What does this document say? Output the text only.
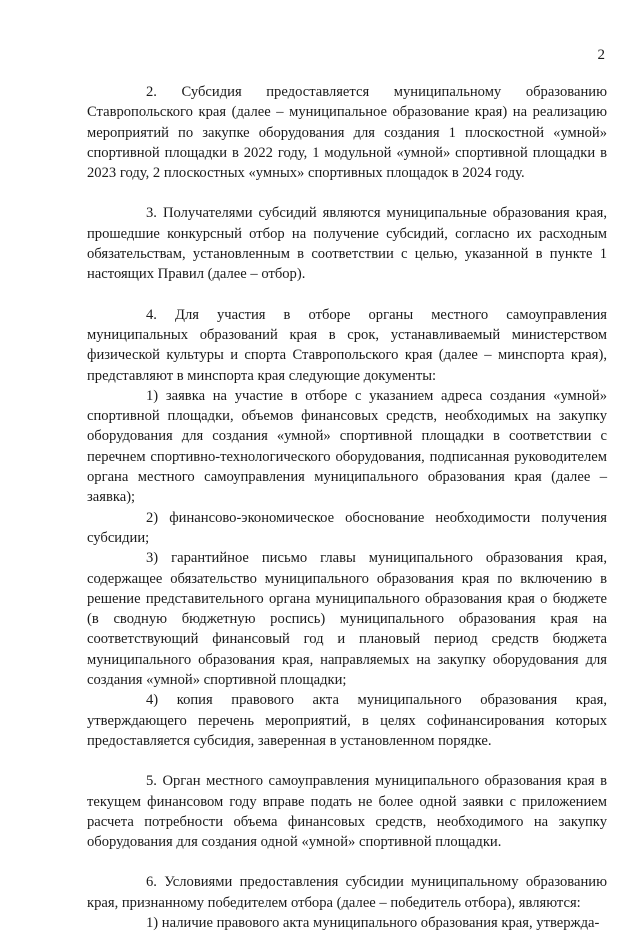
2

2. Субсидия предоставляется муниципальному образованию Ставропольского края (далее – муниципальное образование края) на реализацию мероприятий по закупке оборудования для создания 1 плоскостной «умной» спортивной площадки в 2022 году, 1 модульной «умной» спортивной площадки в 2023 году, 2 плоскостных «умных» спортивных площадок в 2024 году.

3. Получателями субсидий являются муниципальные образования края, прошедшие конкурсный отбор на получение субсидий, согласно их расходным обязательствам, установленным в соответствии с целью, указанной в пункте 1 настоящих Правил (далее – отбор).

4. Для участия в отборе органы местного самоуправления муниципальных образований края в срок, устанавливаемый министерством физической культуры и спорта Ставропольского края (далее – минспорта края), представляют в минспорта края следующие документы:

1) заявка на участие в отборе с указанием адреса создания «умной» спортивной площадки, объемов финансовых средств, необходимых на закупку оборудования для создания «умной» спортивной площадки в соответствии с перечнем спортивно-технологического оборудования, подписанная руководителем органа местного самоуправления муниципального образования края (далее – заявка);

2) финансово-экономическое обоснование необходимости получения субсидии;

3) гарантийное письмо главы муниципального образования края, содержащее обязательство муниципального образования края по включению в решение представительного органа муниципального образования края о бюджете (в сводную бюджетную роспись) муниципального образования края на соответствующий финансовый год и плановый период средств бюджета муниципального образования края, направляемых на закупку оборудования для создания «умной» спортивной площадки;

4) копия правового акта муниципального образования края, утверждающего перечень мероприятий, в целях софинансирования которых предоставляется субсидия, заверенная в установленном порядке.

5. Орган местного самоуправления муниципального образования края в текущем финансовом году вправе подать не более одной заявки с приложением расчета потребности объема финансовых средств, необходимого на закупку оборудования для создания одной «умной» спортивной площадки.

6. Условиями предоставления субсидии муниципальному образованию края, признанному победителем отбора (далее – победитель отбора), являются:

1) наличие правового акта муниципального образования края, утвержда-
